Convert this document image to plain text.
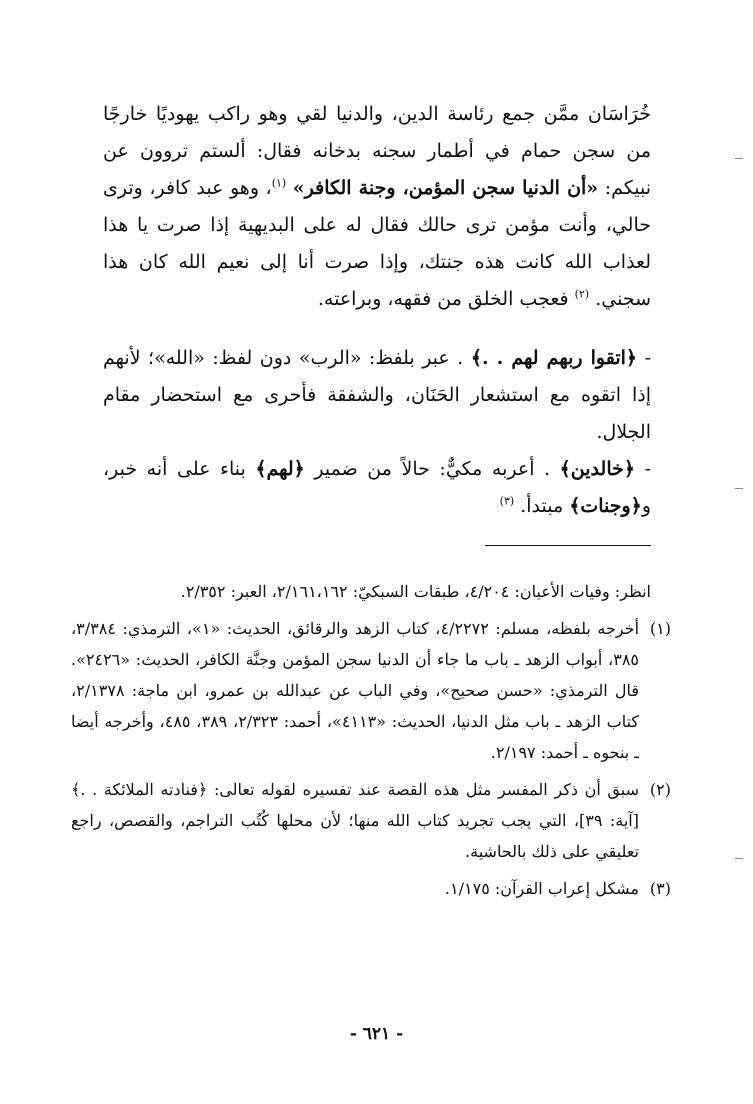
خُرَاسَان ممَّن جمع رئاسة الدين، والدنيا لقي وهو راكب يهوديًا خارجًا من سجن حمام في أطمار سجنه بدخانه فقال: ألستم تروون عن نبيكم: «أن الدنيا سجن المؤمن، وجنة الكافر» $^{(١)}$، وهو عبد كافر، وترى حالي، وأنت مؤمن ترى حالك فقال له على البديهية إذا صرت يا هذا لعذاب الله كانت هذه جنتك، وإذا صرت أنا إلى نعيم الله كان هذا سجني. $^{(٢)}$ فعجب الخلق من فقهه، وبراعته.

- ﴿اتقوا ربهم لهم . .﴾ . عبر بلفظ: «الرب» دون لفظ: «الله»؛ لأنهم إذا اتقوه مع استشعار الحَنَان، والشفقة فأحرى مع استحضار مقام الجلال.

- ﴿خالدين﴾ . أعربه مكيٌّ: حالاً من ضمير ﴿لهم﴾ بناء على أنه خبر، و﴿وجنات﴾ مبتدأ. $^{(٣)}$

انظر: وفيات الأعيان: ٤/٢٠٤، طبقات السبكيّ: ٢/١٦١،١٦٢، العبر: ٢/٣٥٢.

(١)
أخرجه بلفظه، مسلم: ٤/٢٢٧٢، كتاب الزهد والرقائق، الحديث: «١»، الترمذي: ٣/٣٨٤، ٣٨٥، أبواب الزهد ـ باب ما جاء أن الدنيا سجن المؤمن وجنَّة الكافر، الحديث: «٢٤٢٦». قال الترمذي: «حسن صحيح»، وفي الباب عن عبدالله بن عمرو، ابن ماجة: ٢/١٣٧٨، كتاب الزهد ـ باب مثل الدنيا، الحديث: «٤١١٣»، أحمد: ٢/٣٢٣، ٣٨٩، ٤٨٥، وأخرجه أيضا ـ بنحوه ـ أحمد: ٢/١٩٧.
(٢)
سبق أن ذكر المفسر مثل هذه القصة عند تفسيره لقوله تعالى: ﴿فنادته الملائكة . .﴾ [آية: ٣٩]، التي يجب تجريد كتاب الله منها؛ لأن محلها كُتُب التراجم، والقصص، راجع تعليقي على ذلك بالحاشية.
(٣)
مشكل إعراب القرآن: ١/١٧٥.
- ٦٢١ -
